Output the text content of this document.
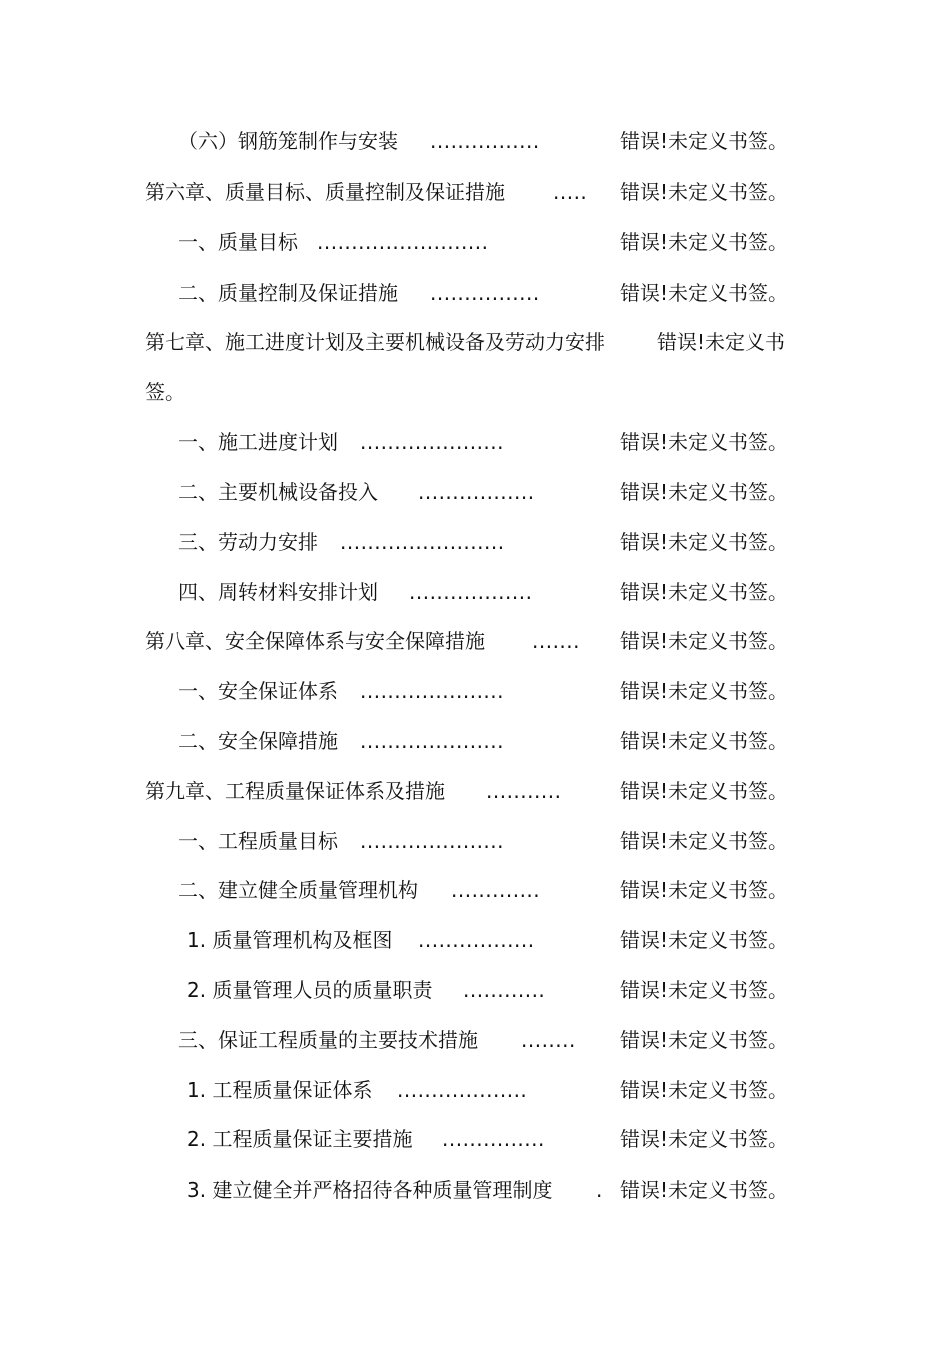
（六）钢筋笼制作与安装 ................	错误!未定义书签。
第六章、质量目标、质量控制及保证措施 ..... 错误!未定义书签。
一、质量目标 .........................	错误!未定义书签。
二、质量控制及保证措施 ................	错误!未定义书签。
第七章、施工进度计划及主要机械设备及劳动力安排	错误!未定义书
签。
一、施工进度计划 .....................	错误!未定义书签。
二、主要机械设备投入 .................	错误!未定义书签。
三、劳动力安排 ........................	错误!未定义书签。
四、周转材料安排计划 ..................	错误!未定义书签。
第八章、安全保障体系与安全保障措施 ....... 错误!未定义书签。
一、安全保证体系 .....................	错误!未定义书签。
二、安全保障措施 .....................	错误!未定义书签。
第九章、工程质量保证体系及措施 ...........	错误!未定义书签。
一、工程质量目标 .....................	错误!未定义书签。
二、建立健全质量管理机构 .............	错误!未定义书签。
1. 质量管理机构及框图 .................	错误!未定义书签。
2. 质量管理人员的质量职责 ............	错误!未定义书签。
三、保证工程质量的主要技术措施 ........ 错误!未定义书签。
1. 工程质量保证体系 ...................	错误!未定义书签。
2. 工程质量保证主要措施 ...............	错误!未定义书签。
3. 建立健全并严格招待各种质量管理制度 . 错误!未定义书签。
